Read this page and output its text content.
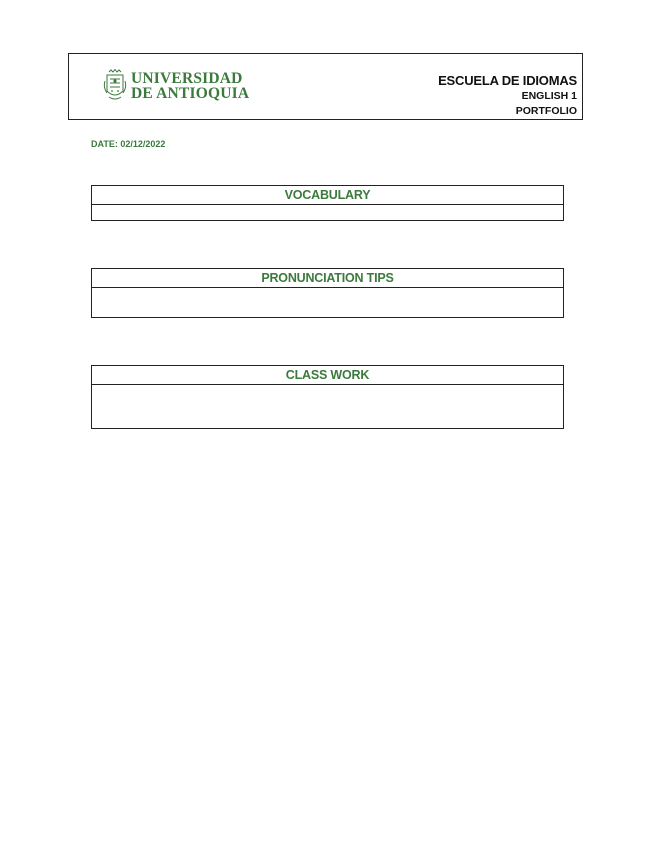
UNIVERSIDAD
DE ANTIOQUIA
ESCUELA DE IDIOMAS
ENGLISH 1
PORTFOLIO
DATE: 02/12/2022
VOCABULARY
PRONUNCIATION TIPS
CLASS WORK
